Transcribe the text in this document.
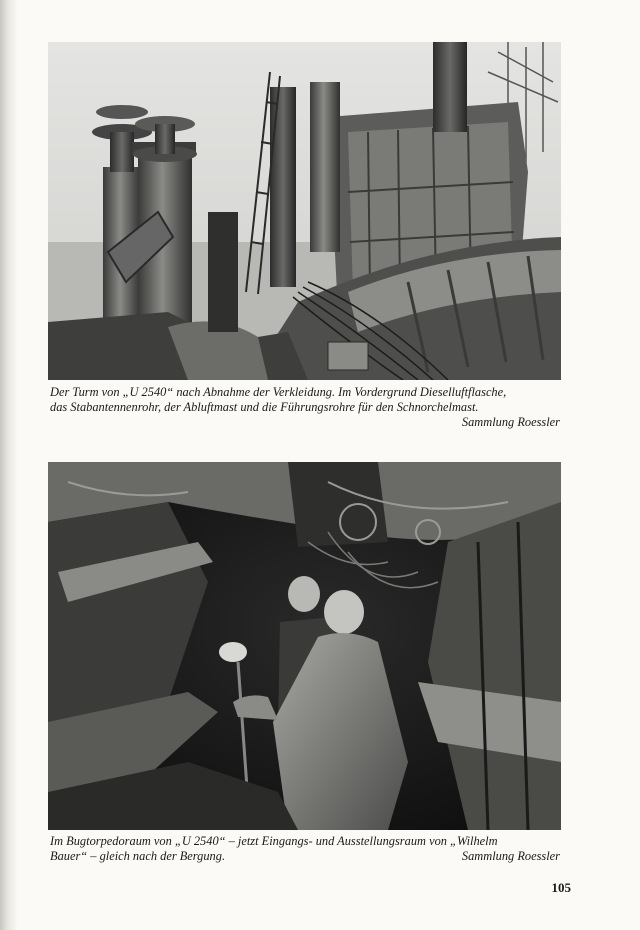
Der Turm von „U 2540“ nach Abnahme der Verkleidung. Im Vordergrund Dieselluftflasche,
das Stabantennenrohr, der Abluftmast und die Führungsrohre für den Schnorchelmast.
Sammlung Roessler
Im Bugtorpedoraum von „U 2540“ – jetzt Eingangs- und Ausstellungsraum von „Wilhelm
Bauer“ – gleich nach der Bergung.	Sammlung Roessler
105
